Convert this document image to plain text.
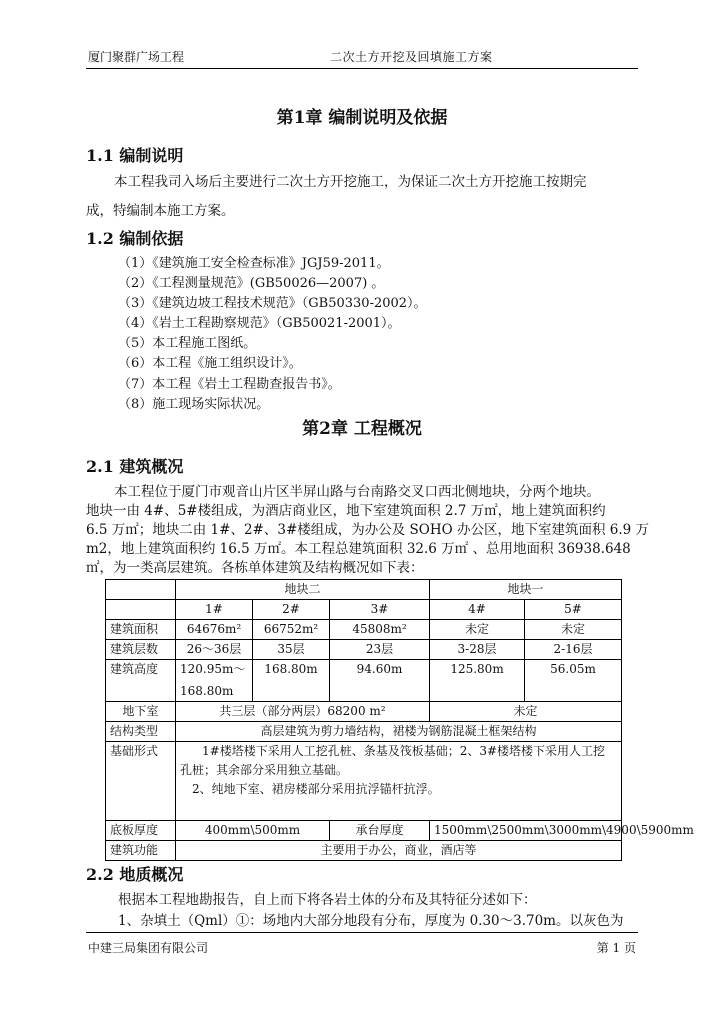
厦门聚群广场工程	二次土方开挖及回填施工方案
第1章 编制说明及依据
1.1 编制说明
本工程我司入场后主要进行二次土方开挖施工，为保证二次土方开挖施工按期完
成，特编制本施工方案。
1.2 编制依据
（1）《建筑施工安全检查标准》JGJ59-2011。
（2）《工程测量规范》(GB50026—2007) 。
（3）《建筑边坡工程技术规范》（GB50330-2002）。
（4）《岩土工程勘察规范》（GB50021-2001）。
（5）本工程施工图纸。
（6）本工程《施工组织设计》。
（7）本工程《岩土工程勘查报告书》。
（8）施工现场实际状况。
第2章 工程概况
2.1 建筑概况
本工程位于厦门市观音山片区半屏山路与台南路交叉口西北侧地块，分两个地块。
地块一由 4#、5#楼组成，为酒店商业区，地下室建筑面积 2.7 万㎡，地上建筑面积约
6.5 万㎡；地块二由 1#、2#、3#楼组成，为办公及 SOHO 办公区，地下室建筑面积 6.9 万
m2，地上建筑面积约 16.5 万㎡。本工程总建筑面积 32.6 万㎡ 、总用地面积 36938.648
㎡，为一类高层建筑。各栋单体建筑及结构概况如下表：
	地块二			地块一	
	1#	2#	3#	4#	5#
建筑面积	64676m²	66752m²	45808m²	未定	未定
建筑层数	26～36层	35层	23层	3-28层	2-16层
建筑高度	120.95m～
168.80m	168.80m	94.60m	125.80m	56.05m
地下室	共三层（部分两层）68200 m²			未定	
结构类型	高层建筑为剪力墙结构，裙楼为钢筋混凝土框架结构				
基础形式	1#楼塔楼下采用人工挖孔桩、条基及筏板基础；2、3#楼塔楼下采用人工挖
孔桩；其余部分采用独立基础。
2、纯地下室、裙房楼部分采用抗浮锚杆抗浮。				

底板厚度	400mm\500mm		承台厚度	1500mm\2500mm\3000mm\4900\5900mm	
建筑功能	主要用于办公，商业，酒店等				
2.2 地质概况
根据本工程地勘报告，自上而下将各岩土体的分布及其特征分述如下：
1、杂填土（Qml）①：场地内大部分地段有分布，厚度为 0.30～3.70m。以灰色为
中建三局集团有限公司	第 1 页
